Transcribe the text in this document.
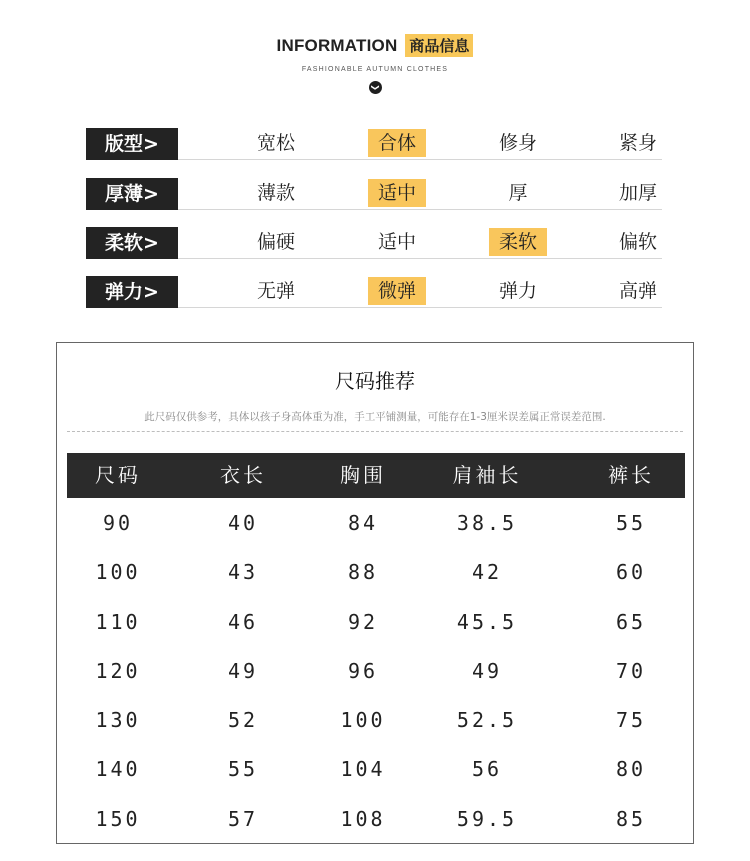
INFORMATION 商品信息
FASHIONABLE AUTUMN CLOTHES
❯
版型>	宽松	合体	修身	紧身
厚薄>	薄款	适中	厚	加厚
柔软>	偏硬	适中	柔软	偏软
弹力>	无弹	微弹	弹力	高弹
尺码推荐
此尺码仅供参考，具体以孩子身高体重为准，手工平铺测量，可能存在1-3厘米误差属正常误差范围.
尺码	衣长	胸围	肩袖长	裤长
90	40	84	38.5	55
100	43	88	42	60
110	46	92	45.5	65
120	49	96	49	70
130	52	100	52.5	75
140	55	104	56	80
150	57	108	59.5	85
